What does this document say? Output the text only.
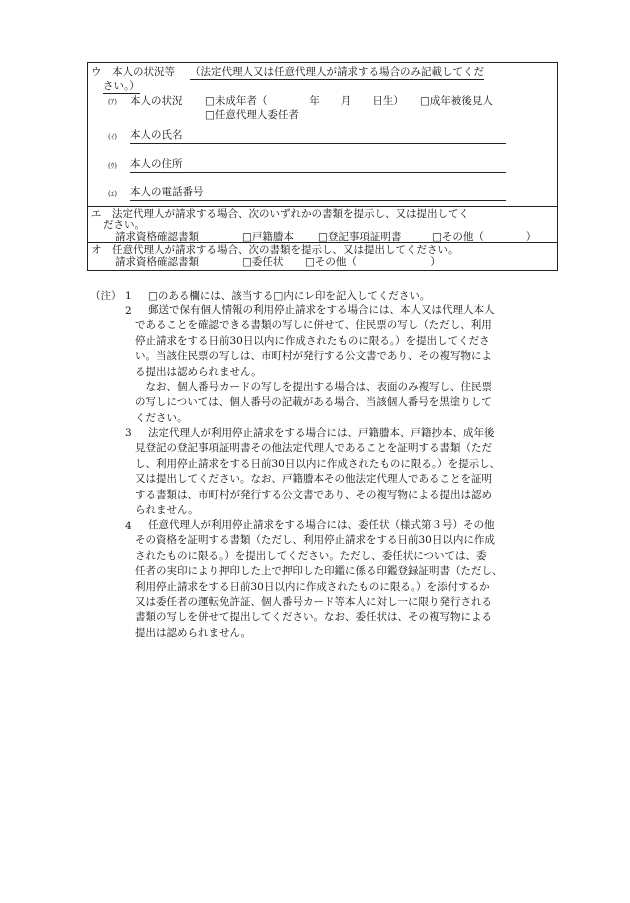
ウ　本人の状況等 （法定代理人又は任意代理人が請求する場合のみ記載してくだ
さい。）
(ｱ) 本人の状況 □未成年者（　　　　年　　月　　日生） □成年被後見人
□任意代理人委任者
(ｲ) 本人の氏名
(ｳ) 本人の住所
(ｴ) 本人の電話番号
エ　法定代理人が請求する場合、次のいずれかの書類を提示し、又は提出してく
ださい。
請求資格確認書類	□戸籍謄本 □登記事項証明書	□その他（　　　　）
オ　任意代理人が請求する場合、次の書類を提示し、又は提出してください。
請求資格確認書類	□委任状 □その他（　　　　　　　）
（注） 1 □のある欄には、該当する□内にレ印を記入してください。
2	郵送で保有個人情報の利用停止請求をする場合には、本人又は代理人本人
であることを確認できる書類の写しに併せて、住民票の写し（ただし、利用
停止請求をする日前30日以内に作成されたものに限る。）を提出してくださ
い。当該住民票の写しは、市町村が発行する公文書であり、その複写物によ
る提出は認められません。
　なお、個人番号カードの写しを提出する場合は、表面のみ複写し、住民票
の写しについては、個人番号の記載がある場合、当該個人番号を黒塗りして
ください。
3	法定代理人が利用停止請求をする場合には、戸籍謄本、戸籍抄本、成年後
見登記の登記事項証明書その他法定代理人であることを証明する書類（ただ
し、利用停止請求をする日前30日以内に作成されたものに限る。）を提示し、
又は提出してください。なお、戸籍謄本その他法定代理人であることを証明
する書類は、市町村が発行する公文書であり、その複写物による提出は認め
られません。
4	任意代理人が利用停止請求をする場合には、委任状（様式第３号）その他
その資格を証明する書類（ただし、利用停止請求をする日前30日以内に作成
されたものに限る。）を提出してください。ただし、委任状については、委
任者の実印により押印した上で押印した印鑑に係る印鑑登録証明書（ただし、
利用停止請求をする日前30日以内に作成されたものに限る。）を添付するか
又は委任者の運転免許証、個人番号カード等本人に対し一に限り発行される
書類の写しを併せて提出してください。なお、委任状は、その複写物による
提出は認められません。
